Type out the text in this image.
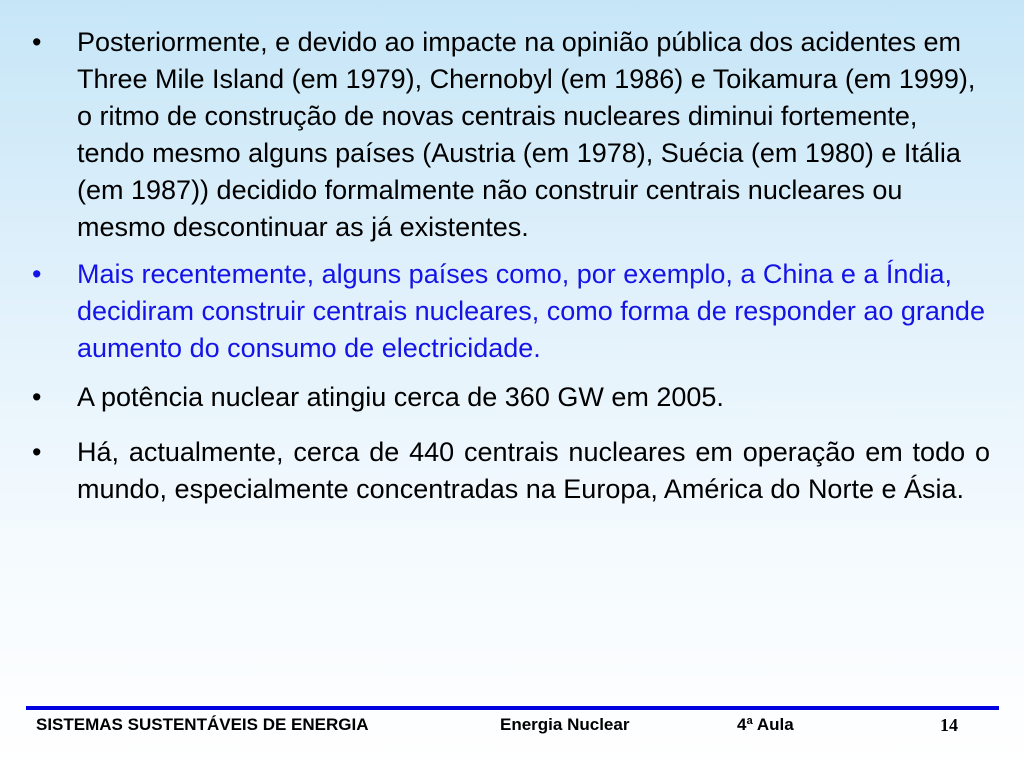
•	Posteriormente, e devido ao impacte na opinião pública dos acidentes em Three Mile Island (em 1979), Chernobyl (em 1986) e Toikamura (em 1999), o ritmo de construção de novas centrais nucleares diminui fortemente, tendo mesmo alguns países (Austria (em 1978), Suécia (em 1980) e Itália (em 1987)) decidido formalmente não construir centrais nucleares ou mesmo descontinuar as já existentes.
•	Mais recentemente, alguns países como, por exemplo, a China e a Índia, decidiram construir centrais nucleares, como forma de responder ao grande aumento do consumo de electricidade.
•	A potência nuclear atingiu cerca de 360 GW em 2005.
•	Há, actualmente, cerca de 440 centrais nucleares em operação em todo o mundo, especialmente concentradas na Europa, América do Norte e Ásia.
SISTEMAS SUSTENTÁVEIS DE ENERGIA	Energia Nuclear	4ª Aula	14
